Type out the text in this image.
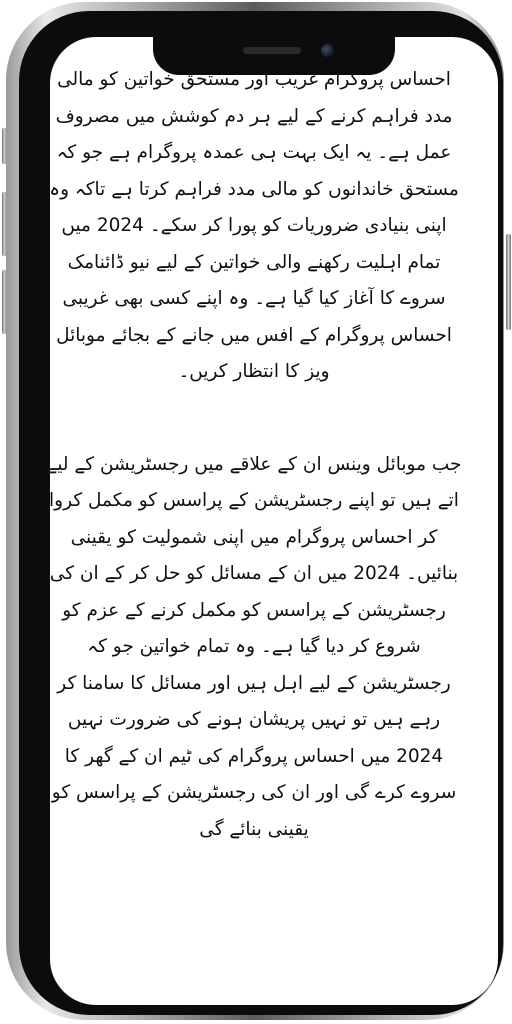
احساس پروگرام غریب اور مستحق خواتین کو مالی مدد فراہم کرنے کے لیے ہر دم کوشش میں مصروف عمل ہے۔ یہ ایک بہت ہی عمدہ پروگرام ہے جو کہ مستحق خاندانوں کو مالی مدد فراہم کرتا ہے تاکہ وہ اپنی بنیادی ضروریات کو پورا کر سکے۔ 2024 میں تمام اہلیت رکھنے والی خواتین کے لیے نیو ڈائنامک سروے کا آغاز کیا گیا ہے۔ وہ اپنے کسی بھی غریبی احساس پروگرام کے افس میں جانے کے بجائے موبائل ویز کا انتظار کریں۔

جب موبائل وینس ان کے علاقے میں رجسٹریشن کے لیے اتے ہیں تو اپنے رجسٹریشن کے پراسس کو مکمل کروا کر احساس پروگرام میں اپنی شمولیت کو یقینی بنائیں۔ 2024 میں ان کے مسائل کو حل کر کے ان کی رجسٹریشن کے پراسس کو مکمل کرنے کے عزم کو شروع کر دیا گیا ہے۔ وہ تمام خواتین جو کہ رجسٹریشن کے لیے اہل ہیں اور مسائل کا سامنا کر رہے ہیں تو نہیں پریشان ہونے کی ضرورت نہیں 2024 میں احساس پروگرام کی ٹیم ان کے گھر کا سروے کرے گی اور ان کی رجسٹریشن کے پراسس کو یقینی بنائے گی
